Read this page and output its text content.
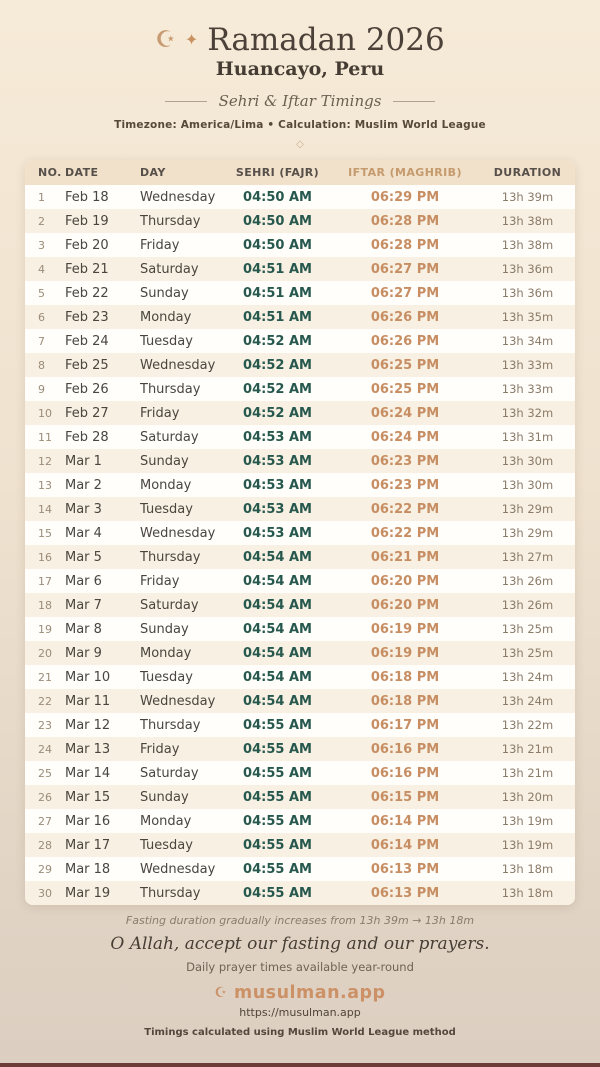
☪ ✦ Ramadan 2026
Huancayo, Peru
Sehri & Iftar Timings
Timezone: America/Lima • Calculation: Muslim World League
◇
NO.	DATE	DAY	SEHRI (FAJR)	IFTAR (MAGHRIB)	DURATION
1	Feb 18	Wednesday	04:50 AM	06:29 PM	13h 39m
2	Feb 19	Thursday	04:50 AM	06:28 PM	13h 38m
3	Feb 20	Friday	04:50 AM	06:28 PM	13h 38m
4	Feb 21	Saturday	04:51 AM	06:27 PM	13h 36m
5	Feb 22	Sunday	04:51 AM	06:27 PM	13h 36m
6	Feb 23	Monday	04:51 AM	06:26 PM	13h 35m
7	Feb 24	Tuesday	04:52 AM	06:26 PM	13h 34m
8	Feb 25	Wednesday	04:52 AM	06:25 PM	13h 33m
9	Feb 26	Thursday	04:52 AM	06:25 PM	13h 33m
10	Feb 27	Friday	04:52 AM	06:24 PM	13h 32m
11	Feb 28	Saturday	04:53 AM	06:24 PM	13h 31m
12	Mar 1	Sunday	04:53 AM	06:23 PM	13h 30m
13	Mar 2	Monday	04:53 AM	06:23 PM	13h 30m
14	Mar 3	Tuesday	04:53 AM	06:22 PM	13h 29m
15	Mar 4	Wednesday	04:53 AM	06:22 PM	13h 29m
16	Mar 5	Thursday	04:54 AM	06:21 PM	13h 27m
17	Mar 6	Friday	04:54 AM	06:20 PM	13h 26m
18	Mar 7	Saturday	04:54 AM	06:20 PM	13h 26m
19	Mar 8	Sunday	04:54 AM	06:19 PM	13h 25m
20	Mar 9	Monday	04:54 AM	06:19 PM	13h 25m
21	Mar 10	Tuesday	04:54 AM	06:18 PM	13h 24m
22	Mar 11	Wednesday	04:54 AM	06:18 PM	13h 24m
23	Mar 12	Thursday	04:55 AM	06:17 PM	13h 22m
24	Mar 13	Friday	04:55 AM	06:16 PM	13h 21m
25	Mar 14	Saturday	04:55 AM	06:16 PM	13h 21m
26	Mar 15	Sunday	04:55 AM	06:15 PM	13h 20m
27	Mar 16	Monday	04:55 AM	06:14 PM	13h 19m
28	Mar 17	Tuesday	04:55 AM	06:14 PM	13h 19m
29	Mar 18	Wednesday	04:55 AM	06:13 PM	13h 18m
30	Mar 19	Thursday	04:55 AM	06:13 PM	13h 18m
Fasting duration gradually increases from 13h 39m → 13h 18m
O Allah, accept our fasting and our prayers.
Daily prayer times available year-round
☪ musulman.app
https://musulman.app
Timings calculated using Muslim World League method
